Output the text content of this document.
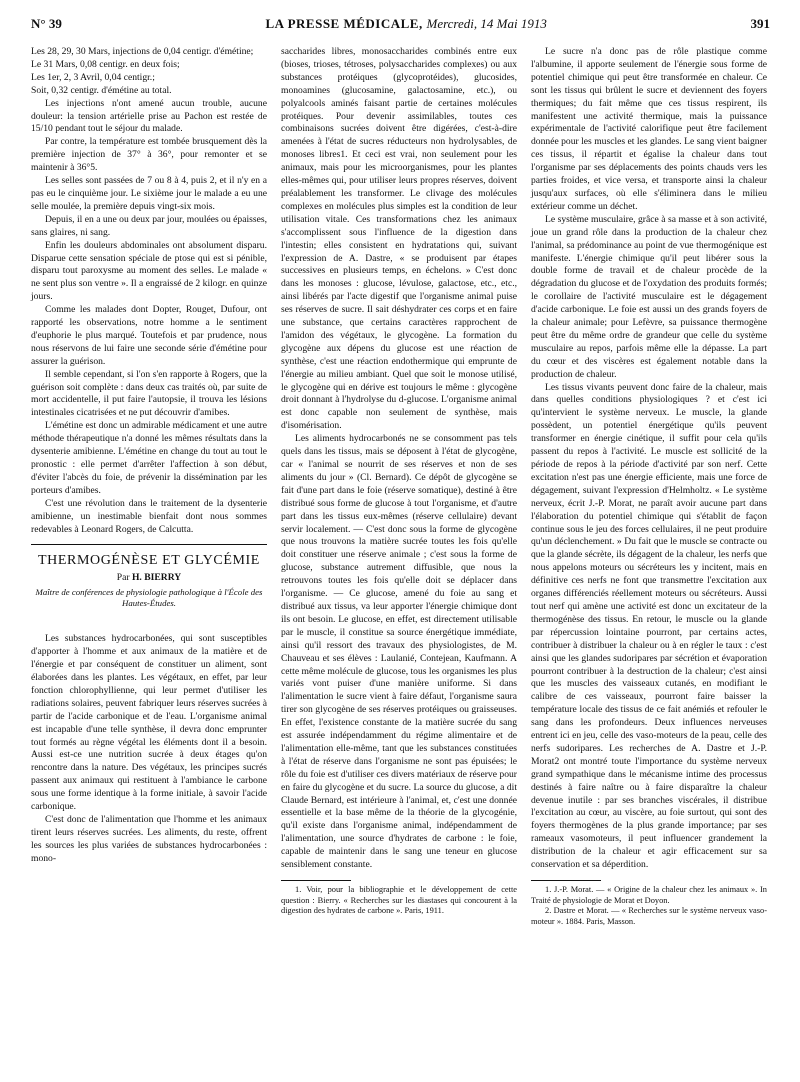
N° 39	LA PRESSE MÉDICALE, Mercredi, 14 Mai 1913	391

Les 28, 29, 30 Mars, injections de 0,04 centigr. d'émétine;

Le 31 Mars, 0,08 centigr. en deux fois;

Les 1er, 2, 3 Avril, 0,04 centigr.;

Soit, 0,32 centigr. d'émétine au total.

Les injections n'ont amené aucun trouble, aucune douleur: la tension artérielle prise au Pachon est restée de 15/10 pendant tout le séjour du malade.

Par contre, la température est tombée brusquement dès la première injection de 37° à 36°, pour remonter et se maintenir à 36°5.

Les selles sont passées de 7 ou 8 à 4, puis 2, et il n'y en a pas eu le cinquième jour. Le sixième jour le malade a eu une selle moulée, la première depuis vingt-six mois.

Depuis, il en a une ou deux par jour, moulées ou épaisses, sans glaires, ni sang.

Enfin les douleurs abdominales ont absolument disparu. Disparue cette sensation spéciale de ptose qui est si pénible, disparu tout paroxysme au moment des selles. Le malade « ne sent plus son ventre ». Il a engraissé de 2 kilogr. en quinze jours.

Comme les malades dont Dopter, Rouget, Dufour, ont rapporté les observations, notre homme a le sentiment d'euphorie le plus marqué. Toutefois et par prudence, nous nous réservons de lui faire une seconde série d'émétine pour assurer la guérison.

Il semble cependant, si l'on s'en rapporte à Rogers, que la guérison soit complète : dans deux cas traités où, par suite de mort accidentelle, il put faire l'autopsie, il trouva les lésions intestinales cicatrisées et ne put découvrir d'amibes.

L'émétine est donc un admirable médicament et une autre méthode thérapeutique n'a donné les mêmes résultats dans la dysenterie amibienne. L'émétine en change du tout au tout le pronostic : elle permet d'arrêter l'affection à son début, d'éviter l'abcès du foie, de prévenir la dissémination par les porteurs d'amibes.

C'est une révolution dans le traitement de la dysenterie amibienne, un inestimable bienfait dont nous sommes redevables à Leonard Rogers, de Calcutta.

THERMOGÉNÈSE ET GLYCÉMIE
Par H. BIERRY
Maître de conférences de physiologie pathologique à l'École des Hautes-Études.

Les substances hydrocarbonées, qui sont susceptibles d'apporter à l'homme et aux animaux de la matière et de l'énergie et par conséquent de constituer un aliment, sont élaborées dans les plantes. Les végétaux, en effet, par leur fonction chlorophyllienne, qui leur permet d'utiliser les radiations solaires, peuvent fabriquer leurs réserves sucrées à partir de l'acide carbonique et de l'eau. L'organisme animal est incapable d'une telle synthèse, il devra donc emprunter tout formés au règne végétal les éléments dont il a besoin. Aussi est-ce une nutrition sucrée à deux étages qu'on rencontre dans la nature. Des végétaux, les principes sucrés passent aux animaux qui restituent à l'ambiance le carbone sous une forme identique à la forme initiale, à savoir l'acide carbonique.

C'est donc de l'alimentation que l'homme et les animaux tirent leurs réserves sucrées. Les aliments, du reste, offrent les sources les plus variées de substances hydrocarbonées : mono-

saccharides libres, monosaccharides combinés entre eux (bioses, trioses, tétroses, polysaccharides complexes) ou aux substances protéiques (glycoprotéides), glucosides, monoamines (glucosamine, galactosamine, etc.), ou polyalcools aminés faisant partie de certaines molécules protéiques. Pour devenir assimilables, toutes ces combinaisons sucrées doivent être digérées, c'est-à-dire amenées à l'état de sucres réducteurs non hydrolysables, de monoses libres1. Et ceci est vrai, non seulement pour les animaux, mais pour les microorganismes, pour les plantes elles-mêmes qui, pour utiliser leurs propres réserves, doivent préalablement les transformer. Le clivage des molécules complexes en molécules plus simples est la condition de leur utilisation vitale. Ces transformations chez les animaux s'accomplissent sous l'influence de la digestion dans l'intestin; elles consistent en hydratations qui, suivant l'expression de A. Dastre, « se produisent par étapes successives en plusieurs temps, en échelons. » C'est donc dans les monoses : glucose, lévulose, galactose, etc., etc., ainsi libérés par l'acte digestif que l'organisme animal puise ses réserves de sucre. Il sait déshydrater ces corps et en faire une substance, que certains caractères rapprochent de l'amidon des végétaux, le glycogène. La formation du glycogène aux dépens du glucose est une réaction de synthèse, c'est une réaction endothermique qui emprunte de l'énergie au milieu ambiant. Quel que soit le monose utilisé, le glycogène qui en dérive est toujours le même : glycogène droit donnant à l'hydrolyse du d-glucose. L'organisme animal est donc capable non seulement de synthèse, mais d'isomérisation.

Les aliments hydrocarbonés ne se consomment pas tels quels dans les tissus, mais se déposent à l'état de glycogène, car « l'animal se nourrit de ses réserves et non de ses aliments du jour » (Cl. Bernard). Ce dépôt de glycogène se fait d'une part dans le foie (réserve somatique), destiné à être distribué sous forme de glucose à tout l'organisme, et d'autre part dans les tissus eux-mêmes (réserve cellulaire) devant servir localement. — C'est donc sous la forme de glycogène que nous trouvons la matière sucrée toutes les fois qu'elle doit constituer une réserve animale ; c'est sous la forme de glucose, substance autrement diffusible, que nous la retrouvons toutes les fois qu'elle doit se déplacer dans l'organisme. — Ce glucose, amené du foie au sang et distribué aux tissus, va leur apporter l'énergie chimique dont ils ont besoin. Le glucose, en effet, est directement utilisable par le muscle, il constitue sa source énergétique immédiate, ainsi qu'il ressort des travaux des physiologistes, de M. Chauveau et ses élèves : Laulanié, Contejean, Kaufmann. A cette même molécule de glucose, tous les organismes les plus variés vont puiser d'une manière uniforme. Si dans l'alimentation le sucre vient à faire défaut, l'organisme saura tirer son glycogène de ses réserves protéiques ou graisseuses. En effet, l'existence constante de la matière sucrée du sang est assurée indépendamment du régime alimentaire et de l'alimentation elle-même, tant que les substances constituées à l'état de réserve dans l'organisme ne sont pas épuisées; le rôle du foie est d'utiliser ces divers matériaux de réserve pour en faire du glycogène et du sucre. La source du glucose, a dit Claude Bernard, est intérieure à l'animal, et, c'est une donnée essentielle et la base même de la théorie de la glycogénie, qu'il existe dans l'organisme animal, indépendamment de l'alimentation, une source d'hydrates de carbone : le foie, capable de maintenir dans le sang une teneur en glucose sensiblement constante.

1. Voir, pour la bibliographie et le développement de cette question : Bierry. « Recherches sur les diastases qui concourent à la digestion des hydrates de carbone ». Paris, 1911.

Le sucre n'a donc pas de rôle plastique comme l'albumine, il apporte seulement de l'énergie sous forme de potentiel chimique qui peut être transformée en chaleur. Ce sont les tissus qui brûlent le sucre et deviennent des foyers thermiques; du fait même que ces tissus respirent, ils manifestent une activité thermique, mais la puissance expérimentale de l'activité calorifique peut être facilement donnée pour les muscles et les glandes. Le sang vient baigner ces tissus, il répartit et égalise la chaleur dans tout l'organisme par ses déplacements des points chauds vers les parties froides, et vice versa, et transporte ainsi la chaleur jusqu'aux surfaces, où elle s'éliminera dans le milieu extérieur comme un déchet.

Le système musculaire, grâce à sa masse et à son activité, joue un grand rôle dans la production de la chaleur chez l'animal, sa prédominance au point de vue thermogénique est manifeste. L'énergie chimique qu'il peut libérer sous la double forme de travail et de chaleur procède de la dégradation du glucose et de l'oxydation des produits formés; le corollaire de l'activité musculaire est le dégagement d'acide carbonique. Le foie est aussi un des grands foyers de la chaleur animale; pour Lefèvre, sa puissance thermogène peut être du même ordre de grandeur que celle du système musculaire au repos, parfois même elle la dépasse. La part du cœur et des viscères est également notable dans la production de chaleur.

Les tissus vivants peuvent donc faire de la chaleur, mais dans quelles conditions physiologiques ? et c'est ici qu'intervient le système nerveux. Le muscle, la glande possèdent, un potentiel énergétique qu'ils peuvent transformer en énergie cinétique, il suffit pour cela qu'ils passent du repos à l'activité. Le muscle est sollicité de la période de repos à la période d'activité par son nerf. Cette excitation n'est pas une énergie efficiente, mais une force de dégagement, suivant l'expression d'Helmholtz. « Le système nerveux, écrit J.-P. Morat, ne paraît avoir aucune part dans l'élaboration du potentiel chimique qui s'établit de façon continue sous le jeu des forces cellulaires, il ne peut produire qu'un déclenchement. » Du fait que le muscle se contracte ou que la glande sécrète, ils dégagent de la chaleur, les nerfs que nous appelons moteurs ou sécréteurs les y incitent, mais en définitive ces nerfs ne font que transmettre l'excitation aux organes différenciés réellement moteurs ou sécréteurs. Aussi tout nerf qui amène une activité est donc un excitateur de la thermogénèse des tissus. En retour, le muscle ou la glande par répercussion lointaine pourront, par certains actes, contribuer à distribuer la chaleur ou à en régler le taux : c'est ainsi que les glandes sudoripares par sécrétion et évaporation pourront contribuer à la destruction de la chaleur; c'est ainsi que les muscles des vaisseaux cutanés, en modifiant le calibre de ces vaisseaux, pourront faire baisser la température locale des tissus de ce fait anémiés et refouler le sang dans les profondeurs. Deux influences nerveuses entrent ici en jeu, celle des vaso-moteurs de la peau, celle des nerfs sudoripares. Les recherches de A. Dastre et J.-P. Morat2 ont montré toute l'importance du système nerveux grand sympathique dans le mécanisme intime des processus destinés à faire naître ou à faire disparaître la chaleur devenue inutile : par ses branches viscérales, il distribue l'excitation au cœur, au viscère, au foie surtout, qui sont des foyers thermogènes de la plus grande importance; par ses rameaux vasomoteurs, il peut influencer grandement la distribution de la chaleur et agir efficacement sur sa conservation et sa déperdition.

1. J.-P. Morat. — « Origine de la chaleur chez les animaux ». In Traité de physiologie de Morat et Doyon.

2. Dastre et Morat. — « Recherches sur le système nerveux vaso-moteur ». 1884. Paris, Masson.
